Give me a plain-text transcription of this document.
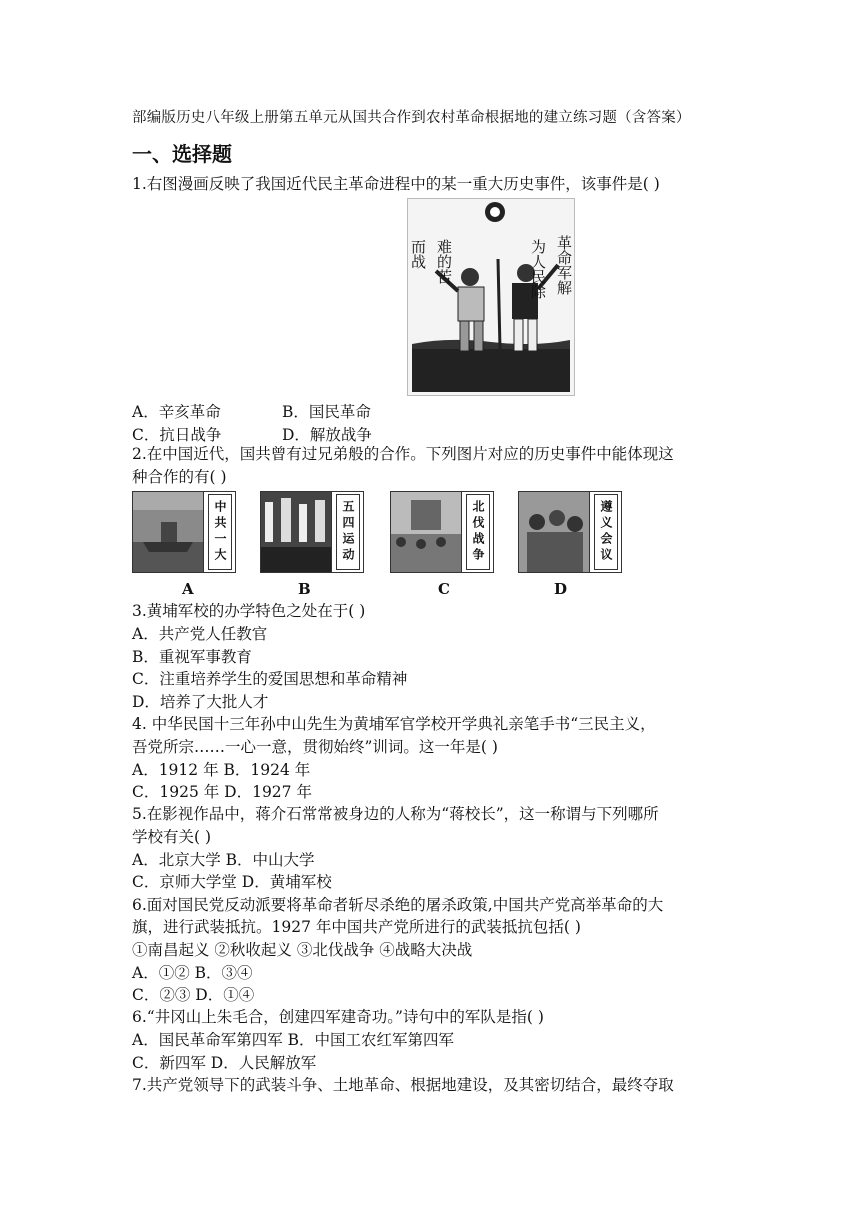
部编版历史八年级上册第五单元从国共合作到农村革命根据地的建立练习题（含答案）
一、选择题
1.右图漫画反映了我国近代民主革命进程中的某一重大历史事件，该事件是( )
而战 难的苦	革命军解
为人民除
A．辛亥革命	B．国民革命
C．抗日战争	D．解放战争
2.在中国近代，国共曾有过兄弟般的合作。下列图片对应的历史事件中能体现这
种合作的有( )
中共一大	五四运动	北伐战争	遵义会议
A	B	C	D
3.黄埔军校的办学特色之处在于( )
A．共产党人任教官
B．重视军事教育
C．注重培养学生的爱国思想和革命精神
D．培养了大批人才
4. 中华民国十三年孙中山先生为黄埔军官学校开学典礼亲笔手书“三民主义，
吾党所宗……一心一意，贯彻始终”训词。这一年是( )
A．1912 年 B．1924 年
C．1925 年 D．1927 年
5.在影视作品中，蒋介石常常被身边的人称为“蒋校长”，这一称谓与下列哪所
学校有关( )
A．北京大学 B．中山大学
C．京师大学堂 D．黄埔军校
6.面对国民党反动派要将革命者斩尽杀绝的屠杀政策,中国共产党高举革命的大
旗，进行武装抵抗。1927 年中国共产党所进行的武装抵抗包括( )
①南昌起义 ②秋收起义 ③北伐战争 ④战略大决战
A．①② B．③④
C．②③ D．①④
6.“井冈山上朱毛合，创建四军建奇功。”诗句中的军队是指( )
A．国民革命军第四军 B．中国工农红军第四军
C．新四军 D．人民解放军
7.共产党领导下的武装斗争、土地革命、根据地建设，及其密切结合，最终夺取
